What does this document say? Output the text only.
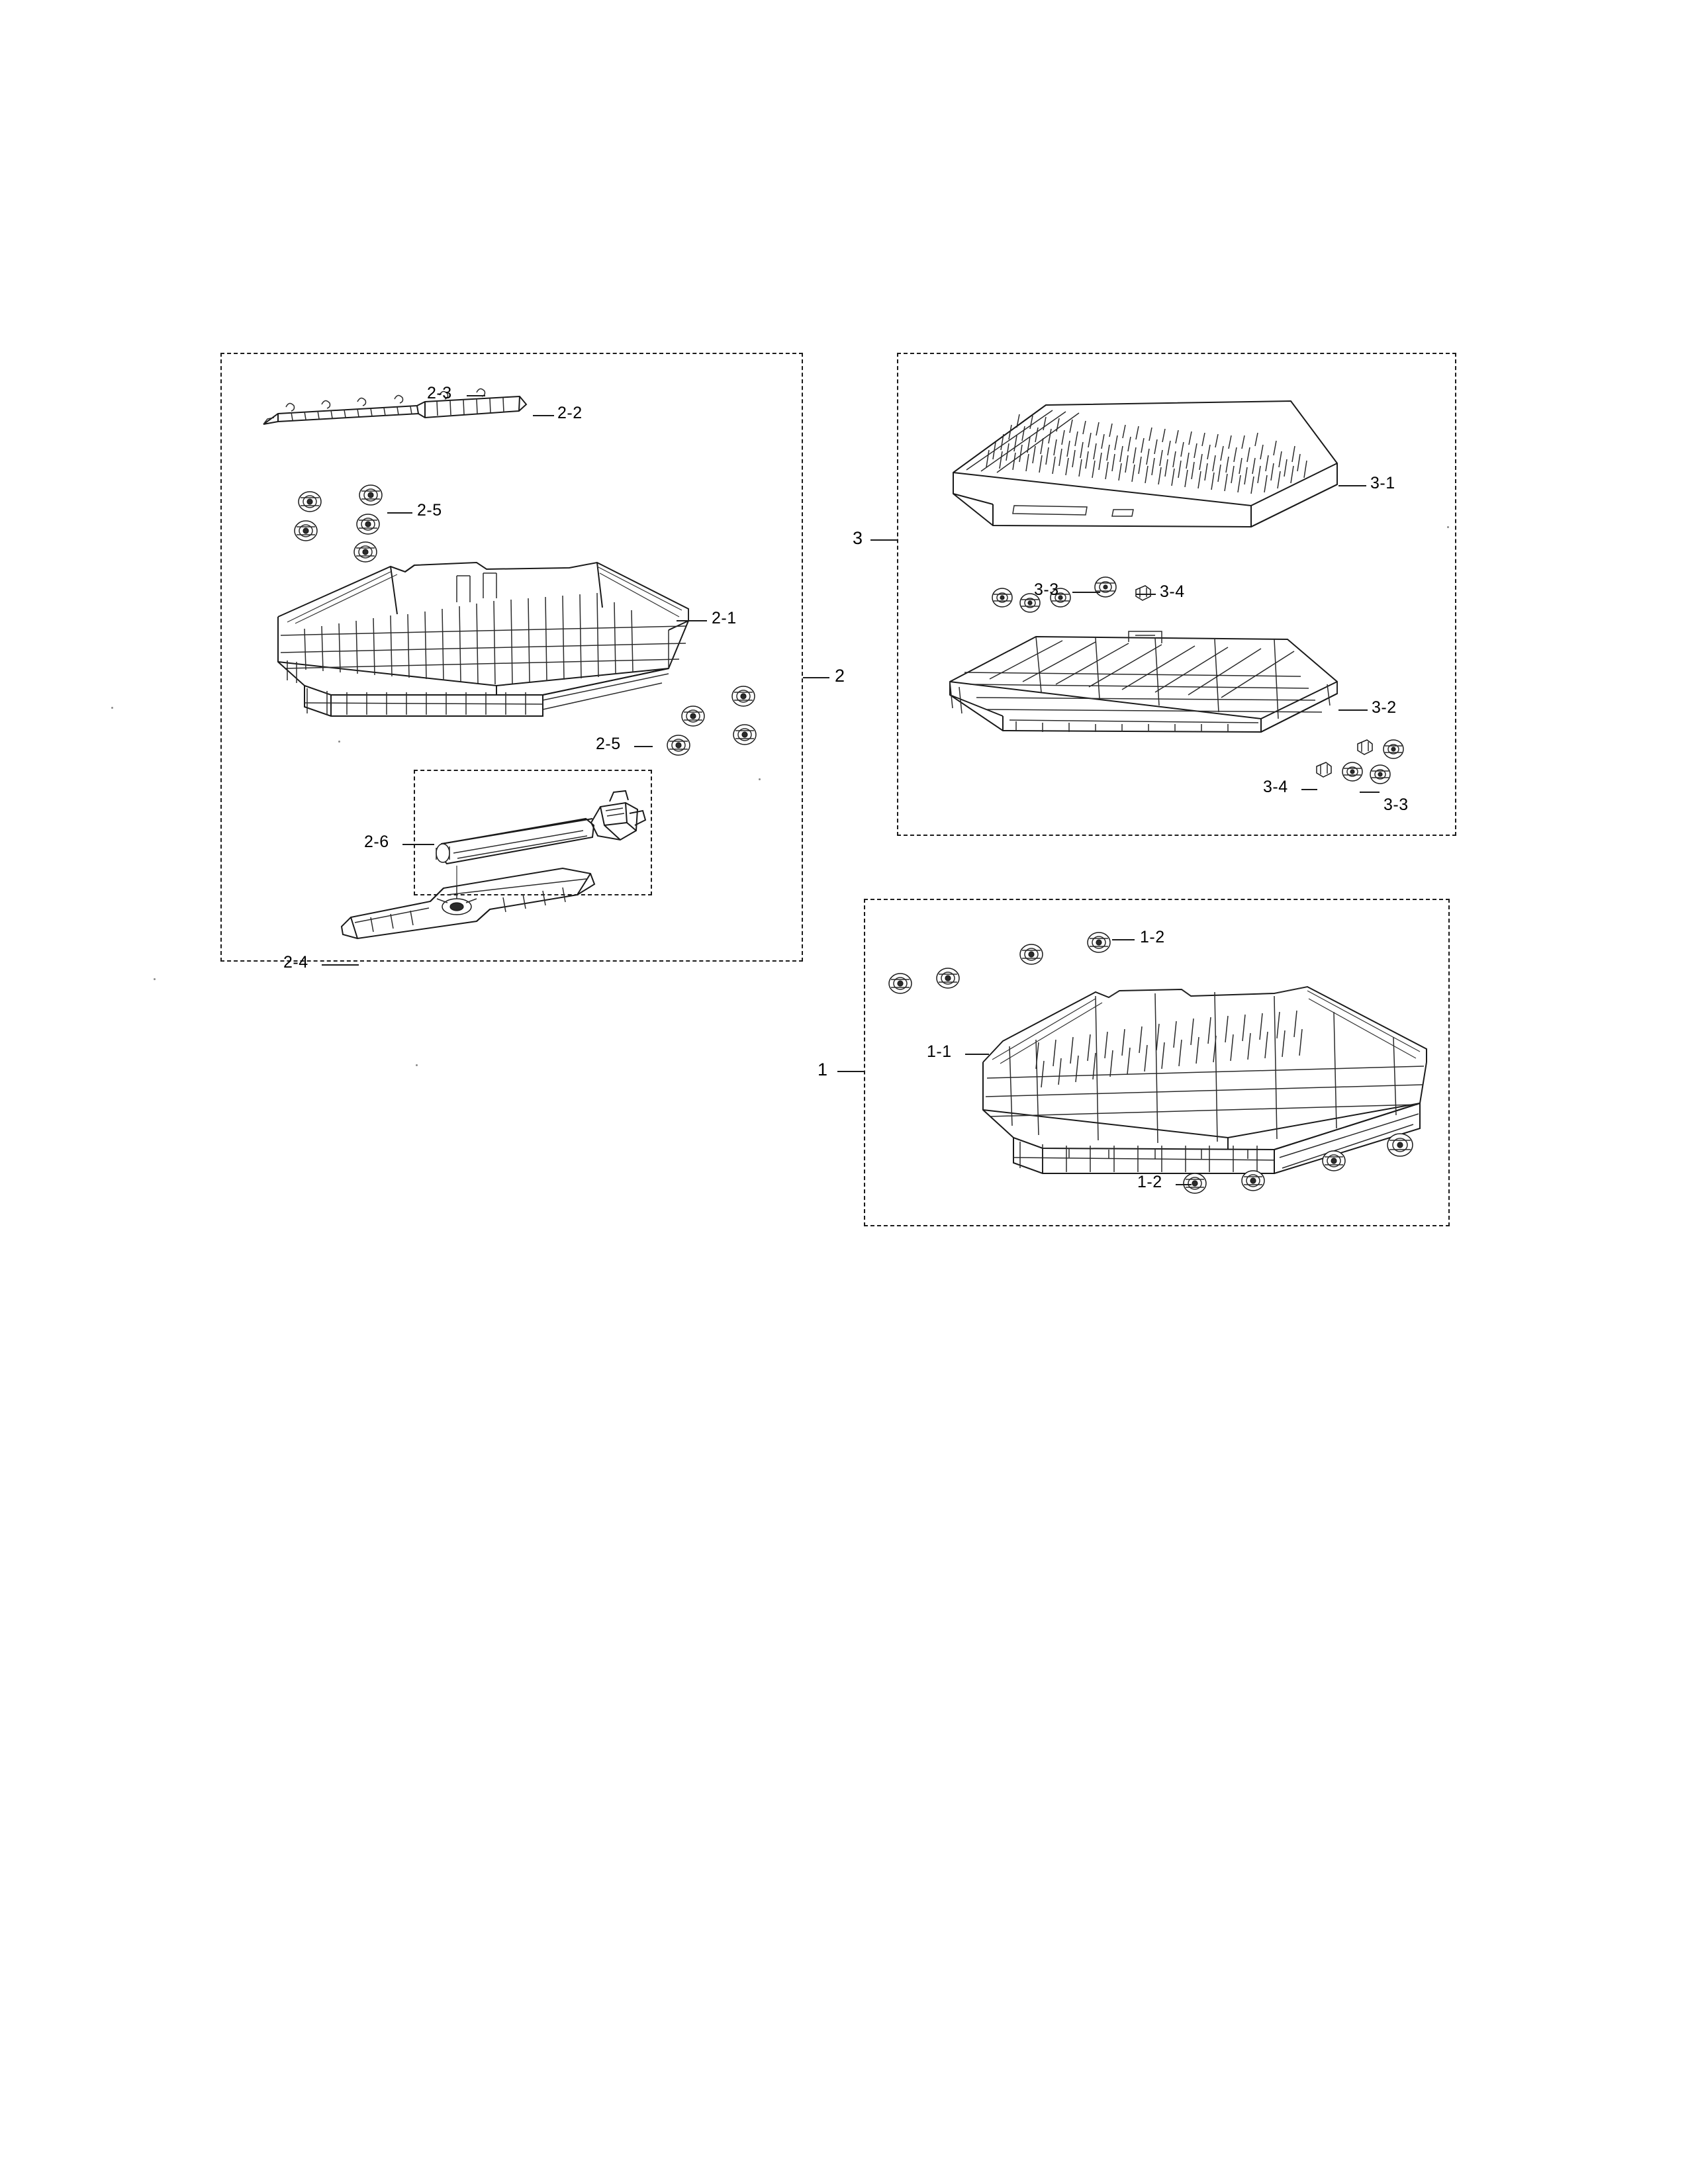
2
2-3
2-2
2-5
2-1
2-5
2-6
2-4
3
3-1
3-3	3-4
3-2
3-4
3-3
1
1-2
1-1
1-2
